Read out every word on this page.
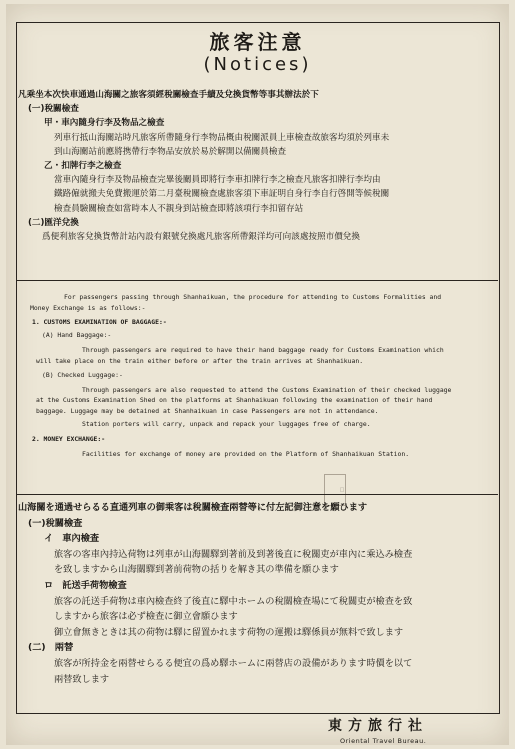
旅客注意
(Notices)
凡乘坐本次快車通過山海關之旅客須經稅關檢查手續及兌換貨幣等事其辦法於下
(一)稅關檢查
甲・車內隨身行李及物品之檢查
列車行抵山海關站時凡旅客所帶隨身行李物品概由稅關派員上車檢查故旅客均須於列車未
到山海關站前應將携帶行李物品安放於易於解開以備關員檢查
乙・扣牌行李之檢查
當車內隨身行李及物品檢查完畢後關員即將行李車扣牌行李之檢查凡旅客扣牌行李均由
鐵路僱就搬夫免費搬運於第二月臺稅關檢查處旅客須下車証明自身行李自行啓開等候稅關
檢查員驗關檢查如當時本人不親身到站檢查即將該項行李扣留存站
(二)匯洋兌換
爲便利旅客兌換貨幣計站內設有銀號兌換處凡旅客所帶銀洋均可向該處按照市價兌換
For passengers passing through Shanhaikuan, the procedure for attending to Customs Formalities and
Money Exchange is as follows:-
1. CUSTOMS EXAMINATION OF BAGGAGE:-
(A) Hand Baggage:-
Through passengers are required to have their hand baggage ready for Customs Examination which
will take place on the train either before or after the train arrives at Shanhaikuan.
(B) Checked Luggage:-
Through passengers are also requested to attend the Customs Examination of their checked luggage
at the Customs Examination Shed on the platforms at Shanhaikuan following the examination of their hand
baggage. Luggage may be detained at Shanhaikuan in case Passengers are not in attendance.
Station porters will carry, unpack and repack your luggages free of charge.
2. MONEY EXCHANGE:-
Facilities for exchange of money are provided on the Platform of Shanhaikuan Station.
□
山海關を通過せらるる直通列車の御乘客は稅關檢查兩替等に付左記御注意を願ひます
(一)稅關檢查
イ　車內檢查
旅客の客車內持込荷物は列車が山海關驛到著前及到著後直に稅關吏が車內に乘込み檢查
を致しますから山海關驛到著前荷物の括りを解き其の準備を願ひます
ロ　託送手荷物檢查
旅客の託送手荷物は車內檢查終了後直に驛中ホームの稅關檢查場にて稅關吏が檢查を致
しますから旅客は必ず檢查に御立會願ひます
御立會無きときは其の荷物は驛に留置かれます荷物の運搬は驛係員が無料で致します
(二)　兩替
旅客が所持金を兩替せらるる便宜の爲め驛ホームに兩替店の設備があります時價を以て
兩替致します
東方旅行社
Oriental Travel Bureau.
